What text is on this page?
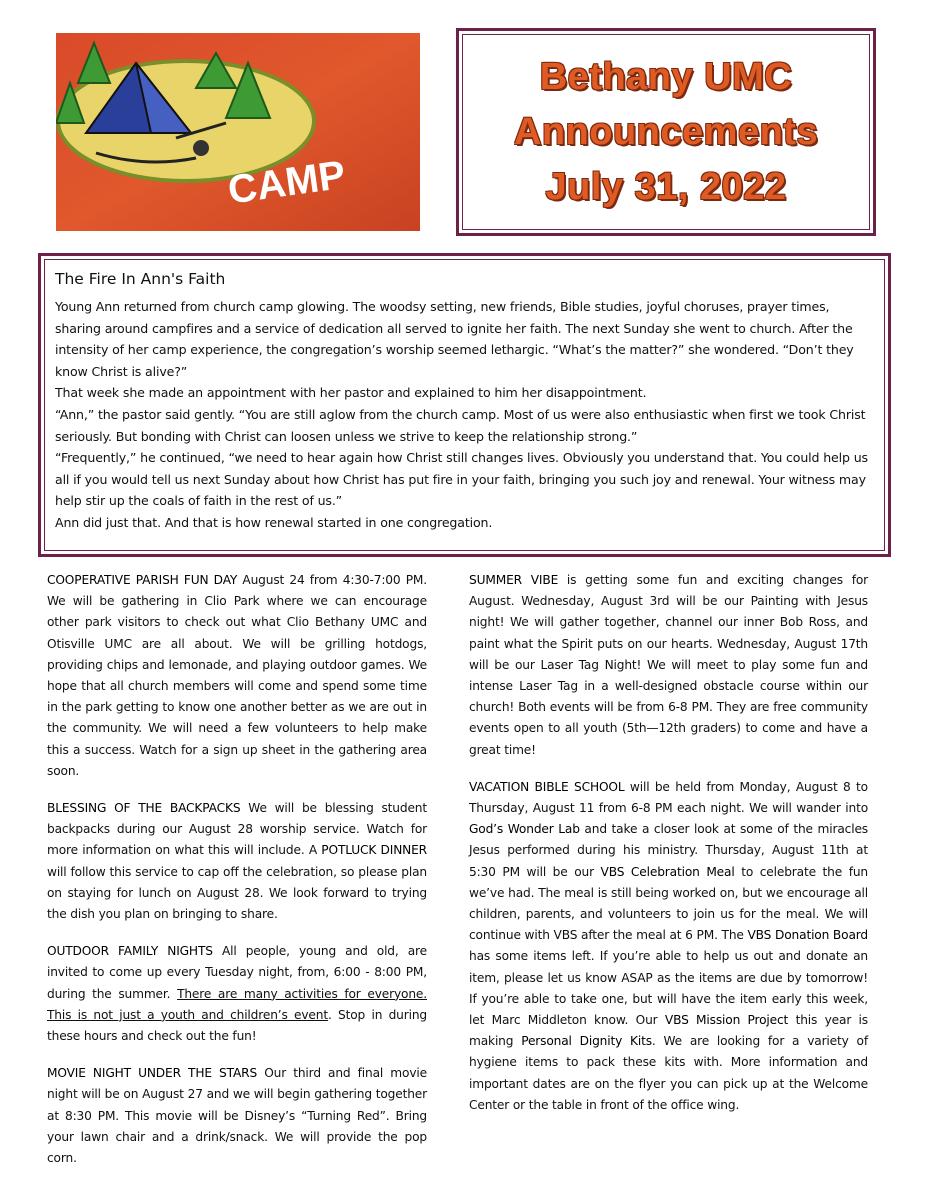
CAMP
Bethany UMC
Announcements
July 31, 2022
The Fire In Ann's Faith

Young Ann returned from church camp glowing. The woodsy setting, new friends, Bible studies, joyful choruses, prayer times, sharing around campfires and a service of dedication all served to ignite her faith. The next Sunday she went to church. After the intensity of her camp experience, the congregation’s worship seemed lethargic. “What’s the matter?” she wondered. “Don’t they know Christ is alive?”

That week she made an appointment with her pastor and explained to him her disappointment.

“Ann,” the pastor said gently. “You are still aglow from the church camp. Most of us were also enthusiastic when first we took Christ seriously. But bonding with Christ can loosen unless we strive to keep the relationship strong.”

“Frequently,” he continued, “we need to hear again how Christ still changes lives. Obviously you understand that. You could help us all if you would tell us next Sunday about how Christ has put fire in your faith, bringing you such joy and renewal. Your witness may help stir up the coals of faith in the rest of us.”

Ann did just that. And that is how renewal started in one congregation.

COOPERATIVE PARISH FUN DAY August 24 from 4:30-7:00 PM. We will be gathering in Clio Park where we can encourage other park visitors to check out what Clio Bethany UMC and Otisville UMC are all about. We will be grilling hotdogs, providing chips and lemonade, and playing outdoor games. We hope that all church members will come and spend some time in the park getting to know one another better as we are out in the community. We will need a few volunteers to help make this a success. Watch for a sign up sheet in the gathering area soon.

BLESSING OF THE BACKPACKS We will be blessing student backpacks during our August 28 worship service. Watch for more information on what this will include. A POTLUCK DINNER will follow this service to cap off the celebration, so please plan on staying for lunch on August 28. We look forward to trying the dish you plan on bringing to share.

OUTDOOR FAMILY NIGHTS All people, young and old, are invited to come up every Tuesday night, from, 6:00 - 8:00 PM, during the summer. There are many activities for everyone. This is not just a youth and children’s event. Stop in during these hours and check out the fun!

MOVIE NIGHT UNDER THE STARS Our third and final movie night will be on August 27 and we will begin gathering together at 8:30 PM. This movie will be Disney’s “Turning Red”. Bring your lawn chair and a drink/snack. We will provide the pop corn.

SUMMER VIBE is getting some fun and exciting changes for August. Wednesday, August 3rd will be our Painting with Jesus night! We will gather together, channel our inner Bob Ross, and paint what the Spirit puts on our hearts. Wednesday, August 17th will be our Laser Tag Night! We will meet to play some fun and intense Laser Tag in a well-designed obstacle course within our church! Both events will be from 6-8 PM. They are free community events open to all youth (5th—12th graders) to come and have a great time!

VACATION BIBLE SCHOOL will be held from Monday, August 8 to Thursday, August 11 from 6-8 PM each night. We will wander into God’s Wonder Lab and take a closer look at some of the miracles Jesus performed during his ministry. Thursday, August 11th at 5:30 PM will be our VBS Celebration Meal to celebrate the fun we’ve had. The meal is still being worked on, but we encourage all children, parents, and volunteers to join us for the meal. We will continue with VBS after the meal at 6 PM. The VBS Donation Board has some items left. If you’re able to help us out and donate an item, please let us know ASAP as the items are due by tomorrow! If you’re able to take one, but will have the item early this week, let Marc Middleton know. Our VBS Mission Project this year is making Personal Dignity Kits. We are looking for a variety of hygiene items to pack these kits with. More information and important dates are on the flyer you can pick up at the Welcome Center or the table in front of the office wing.
